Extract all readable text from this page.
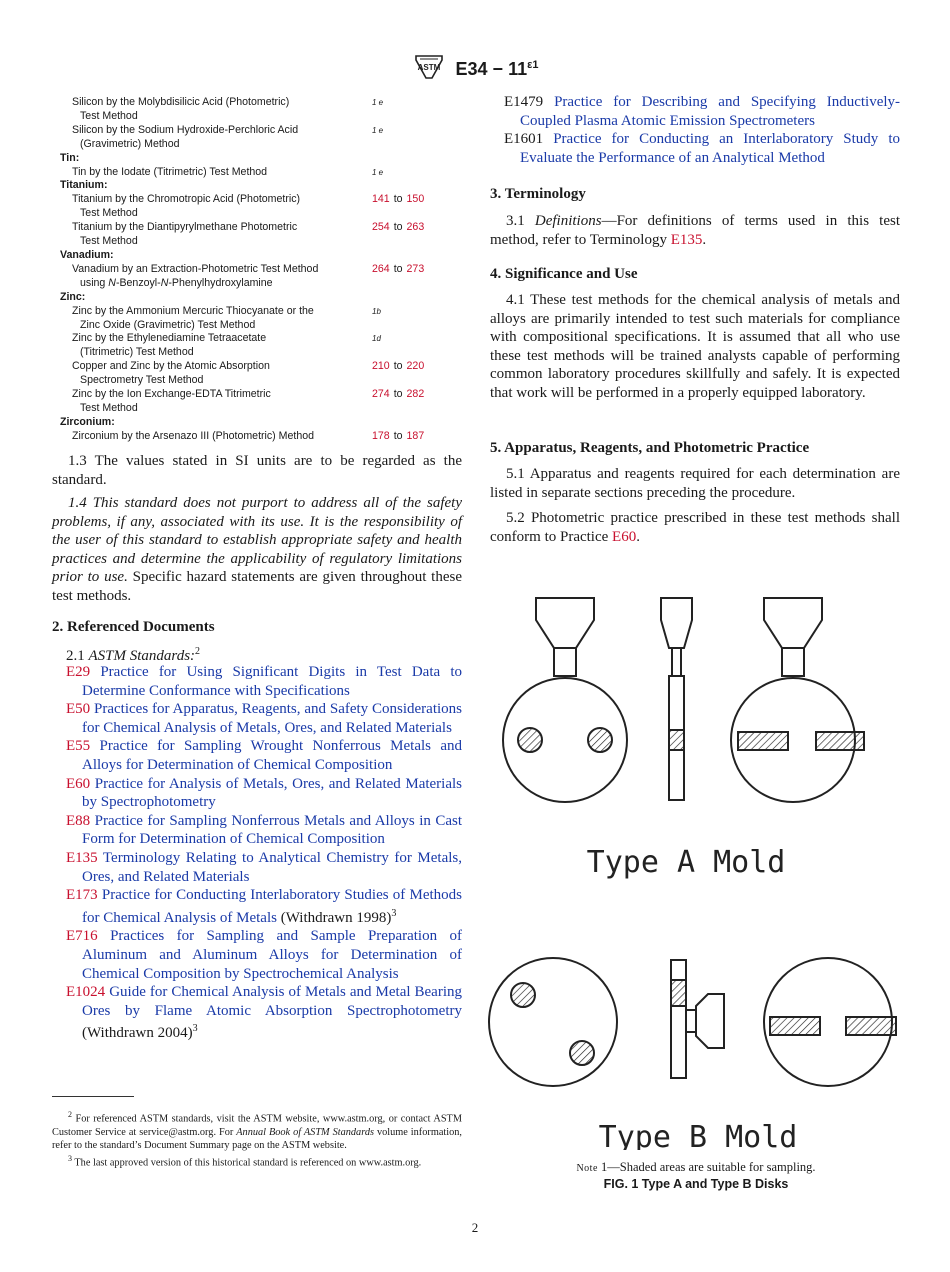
ASTM $E34 - 11^{\varepsilon 1}$
Silicon by the Molybdisilicic Acid (Photometric)
Test Method
$^{1 e}$
Silicon by the Sodium Hydroxide-Perchloric Acid
(Gravimetric) Method
$^{1 e}$
Tin:
Tin by the Iodate (Titrimetric) Test Method	$^{1 e}$
Titanium:
Titanium by the Chromotropic Acid (Photometric)
Test Method
141 to 150
Titanium by the Diantipyrylmethane Photometric
Test Method
254 to 263
Vanadium:
Vanadium by an Extraction-Photometric Test Method
using N-Benzoyl-N-Phenylhydroxylamine
264 to 273
Zinc:
Zinc by the Ammonium Mercuric Thiocyanate or the
Zinc Oxide (Gravimetric) Test Method
$^{1b}$
Zinc by the Ethylenediamine Tetraacetate
(Titrimetric) Test Method
$^{1d}$
Copper and Zinc by the Atomic Absorption
Spectrometry Test Method
210 to 220
Zinc by the Ion Exchange-EDTA Titrimetric
Test Method
274 to 282
Zirconium:
Zirconium by the Arsenazo III (Photometric) Method	178 to 187
1.3 The values stated in SI units are to be regarded as the standard.
1.4 This standard does not purport to address all of the safety problems, if any, associated with its use. It is the responsibility of the user of this standard to establish appropriate safety and health practices and determine the applicability of regulatory limitations prior to use. Specific hazard statements are given throughout these test methods.
2. Referenced Documents
2.1 ASTM Standards:$^2$
E29 Practice for Using Significant Digits in Test Data to Determine Conformance with Specifications
E50 Practices for Apparatus, Reagents, and Safety Considerations for Chemical Analysis of Metals, Ores, and Related Materials
E55 Practice for Sampling Wrought Nonferrous Metals and Alloys for Determination of Chemical Composition
E60 Practice for Analysis of Metals, Ores, and Related Materials by Spectrophotometry
E88 Practice for Sampling Nonferrous Metals and Alloys in Cast Form for Determination of Chemical Composition
E135 Terminology Relating to Analytical Chemistry for Metals, Ores, and Related Materials
E173 Practice for Conducting Interlaboratory Studies of Methods for Chemical Analysis of Metals (Withdrawn 1998)$^3$
E716 Practices for Sampling and Sample Preparation of Aluminum and Aluminum Alloys for Determination of Chemical Composition by Spectrochemical Analysis
E1024 Guide for Chemical Analysis of Metals and Metal Bearing Ores by Flame Atomic Absorption Spectrophotometry (Withdrawn 2004)$^3$
$^2$ For referenced ASTM standards, visit the ASTM website, www.astm.org, or contact ASTM Customer Service at service@astm.org. For Annual Book of ASTM Standards volume information, refer to the standard’s Document Summary page on the ASTM website.
$^3$ The last approved version of this historical standard is referenced on www.astm.org.
E1479 Practice for Describing and Specifying Inductively-Coupled Plasma Atomic Emission Spectrometers
E1601 Practice for Conducting an Interlaboratory Study to Evaluate the Performance of an Analytical Method
3. Terminology
3.1 Definitions—For definitions of terms used in this test method, refer to Terminology E135.
4. Significance and Use
4.1 These test methods for the chemical analysis of metals and alloys are primarily intended to test such materials for compliance with compositional specifications. It is assumed that all who use these test methods will be trained analysts capable of performing common laboratory procedures skillfully and safely. It is expected that work will be performed in a properly equipped laboratory.
5. Apparatus, Reagents, and Photometric Practice
5.1 Apparatus and reagents required for each determination are listed in separate sections preceding the procedure.
5.2 Photometric practice prescribed in these test methods shall conform to Practice E60.
Type A Mold
Type B Mold
Note 1—Shaded areas are suitable for sampling.
FIG. 1 Type A and Type B Disks
2
